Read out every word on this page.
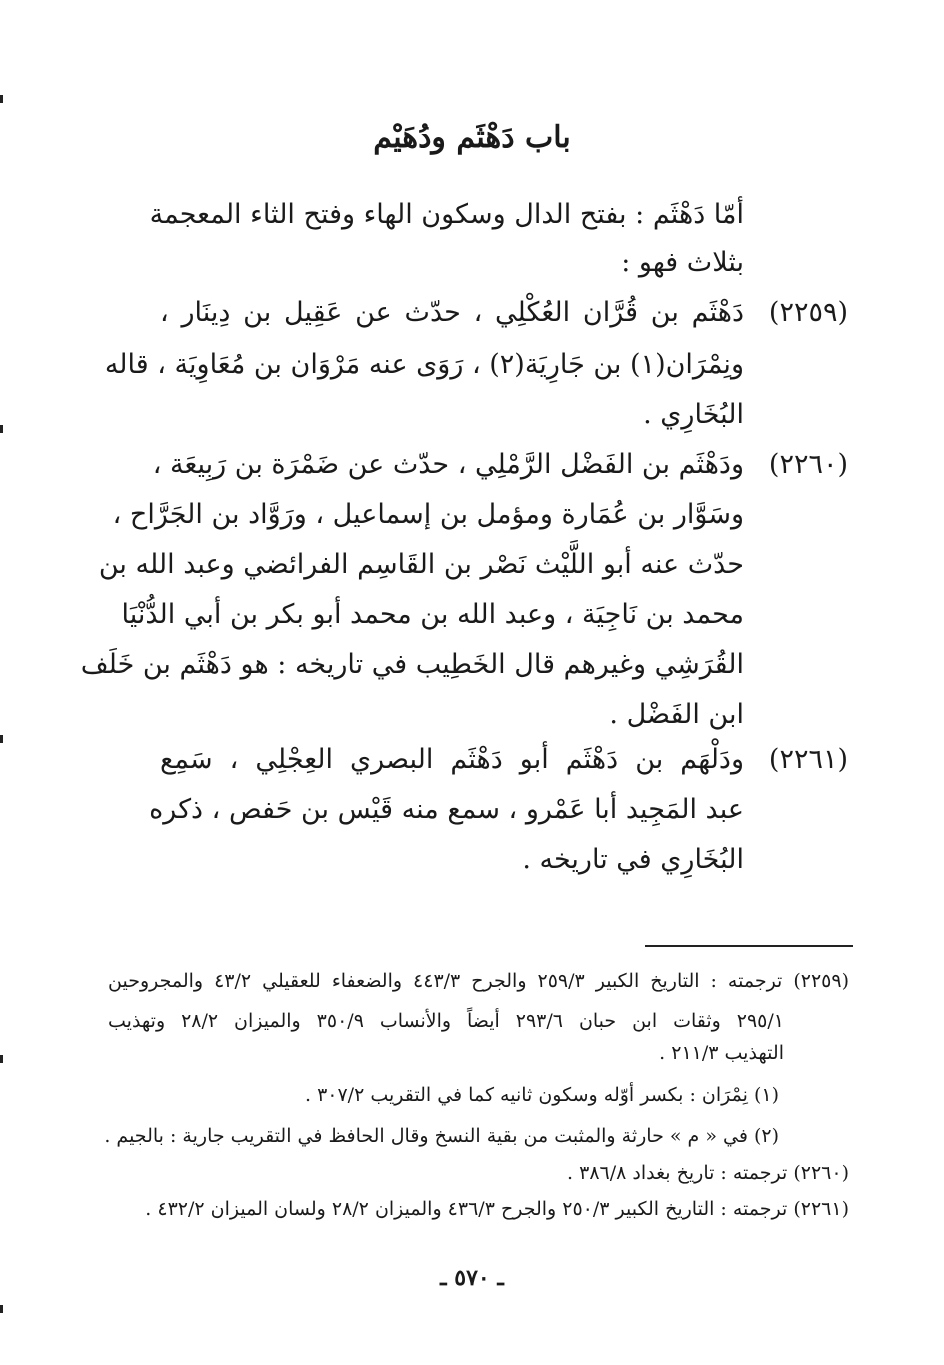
باب دَهْثَم ودُهَيْم
أمّا دَهْثَم : بفتح الدال وسكون الهاء وفتح الثاء المعجمة
بثلاث فهو :
(٢٢٥٩)
دَهْثَم بن قُرَّان العُكْلِي ، حدّث عن عَقِيل بن دِينَار ،
ونِمْرَان(١) بن جَارِيَة(٢) ، رَوَى عنه مَرْوَان بن مُعَاوِيَة ، قاله
البُخَارِي .
(٢٢٦٠)
ودَهْثَم بن الفَضْل الرَّمْلِي ، حدّث عن ضَمْرَة بن رَبِيعَة ،
وسَوَّار بن عُمَارة ومؤمل بن إسماعيل ، ورَوَّاد بن الجَرَّاح ،
حدّث عنه أبو اللَّيْث نَصْر بن القَاسِم الفرائضي وعبد الله بن
محمد بن نَاجِيَة ، وعبد الله بن محمد أبو بكر بن أبي الدُّنْيَا
القُرَشِي وغيرهم قال الخَطِيب في تاريخه : هو دَهْثَم بن خَلَف
ابن الفَضْل .
(٢٢٦١)
ودَلْهَم بن دَهْثَم أبو دَهْثَم البصري العِجْلِي ، سَمِع
عبد المَجِيد أبا عَمْرو ، سمع منه قَيْس بن حَفص ، ذكره
البُخَارِي في تاريخه .
(٢٢٥٩) ترجمته : التاريخ الكبير ٢٥٩/٣ والجرح ٤٤٣/٣ والضعفاء للعقيلي ٤٣/٢ والمجروحين
٢٩٥/١ وثقات ابن حبان ٢٩٣/٦ أيضاً والأنساب ٣٥٠/٩ والميزان ٢٨/٢ وتهذيب
التهذيب ٢١١/٣ .
(١) نِمْرَان : بكسر أوّله وسكون ثانيه كما في التقريب ٣٠٧/٢ .
(٢) في « م » حارثة والمثبت من بقية النسخ وقال الحافظ في التقريب جارية : بالجيم .
(٢٢٦٠) ترجمته : تاريخ بغداد ٣٨٦/٨ .
(٢٢٦١) ترجمته : التاريخ الكبير ٢٥٠/٣ والجرح ٤٣٦/٣ والميزان ٢٨/٢ ولسان الميزان ٤٣٢/٢ .
ـ ٥٧٠ ـ
